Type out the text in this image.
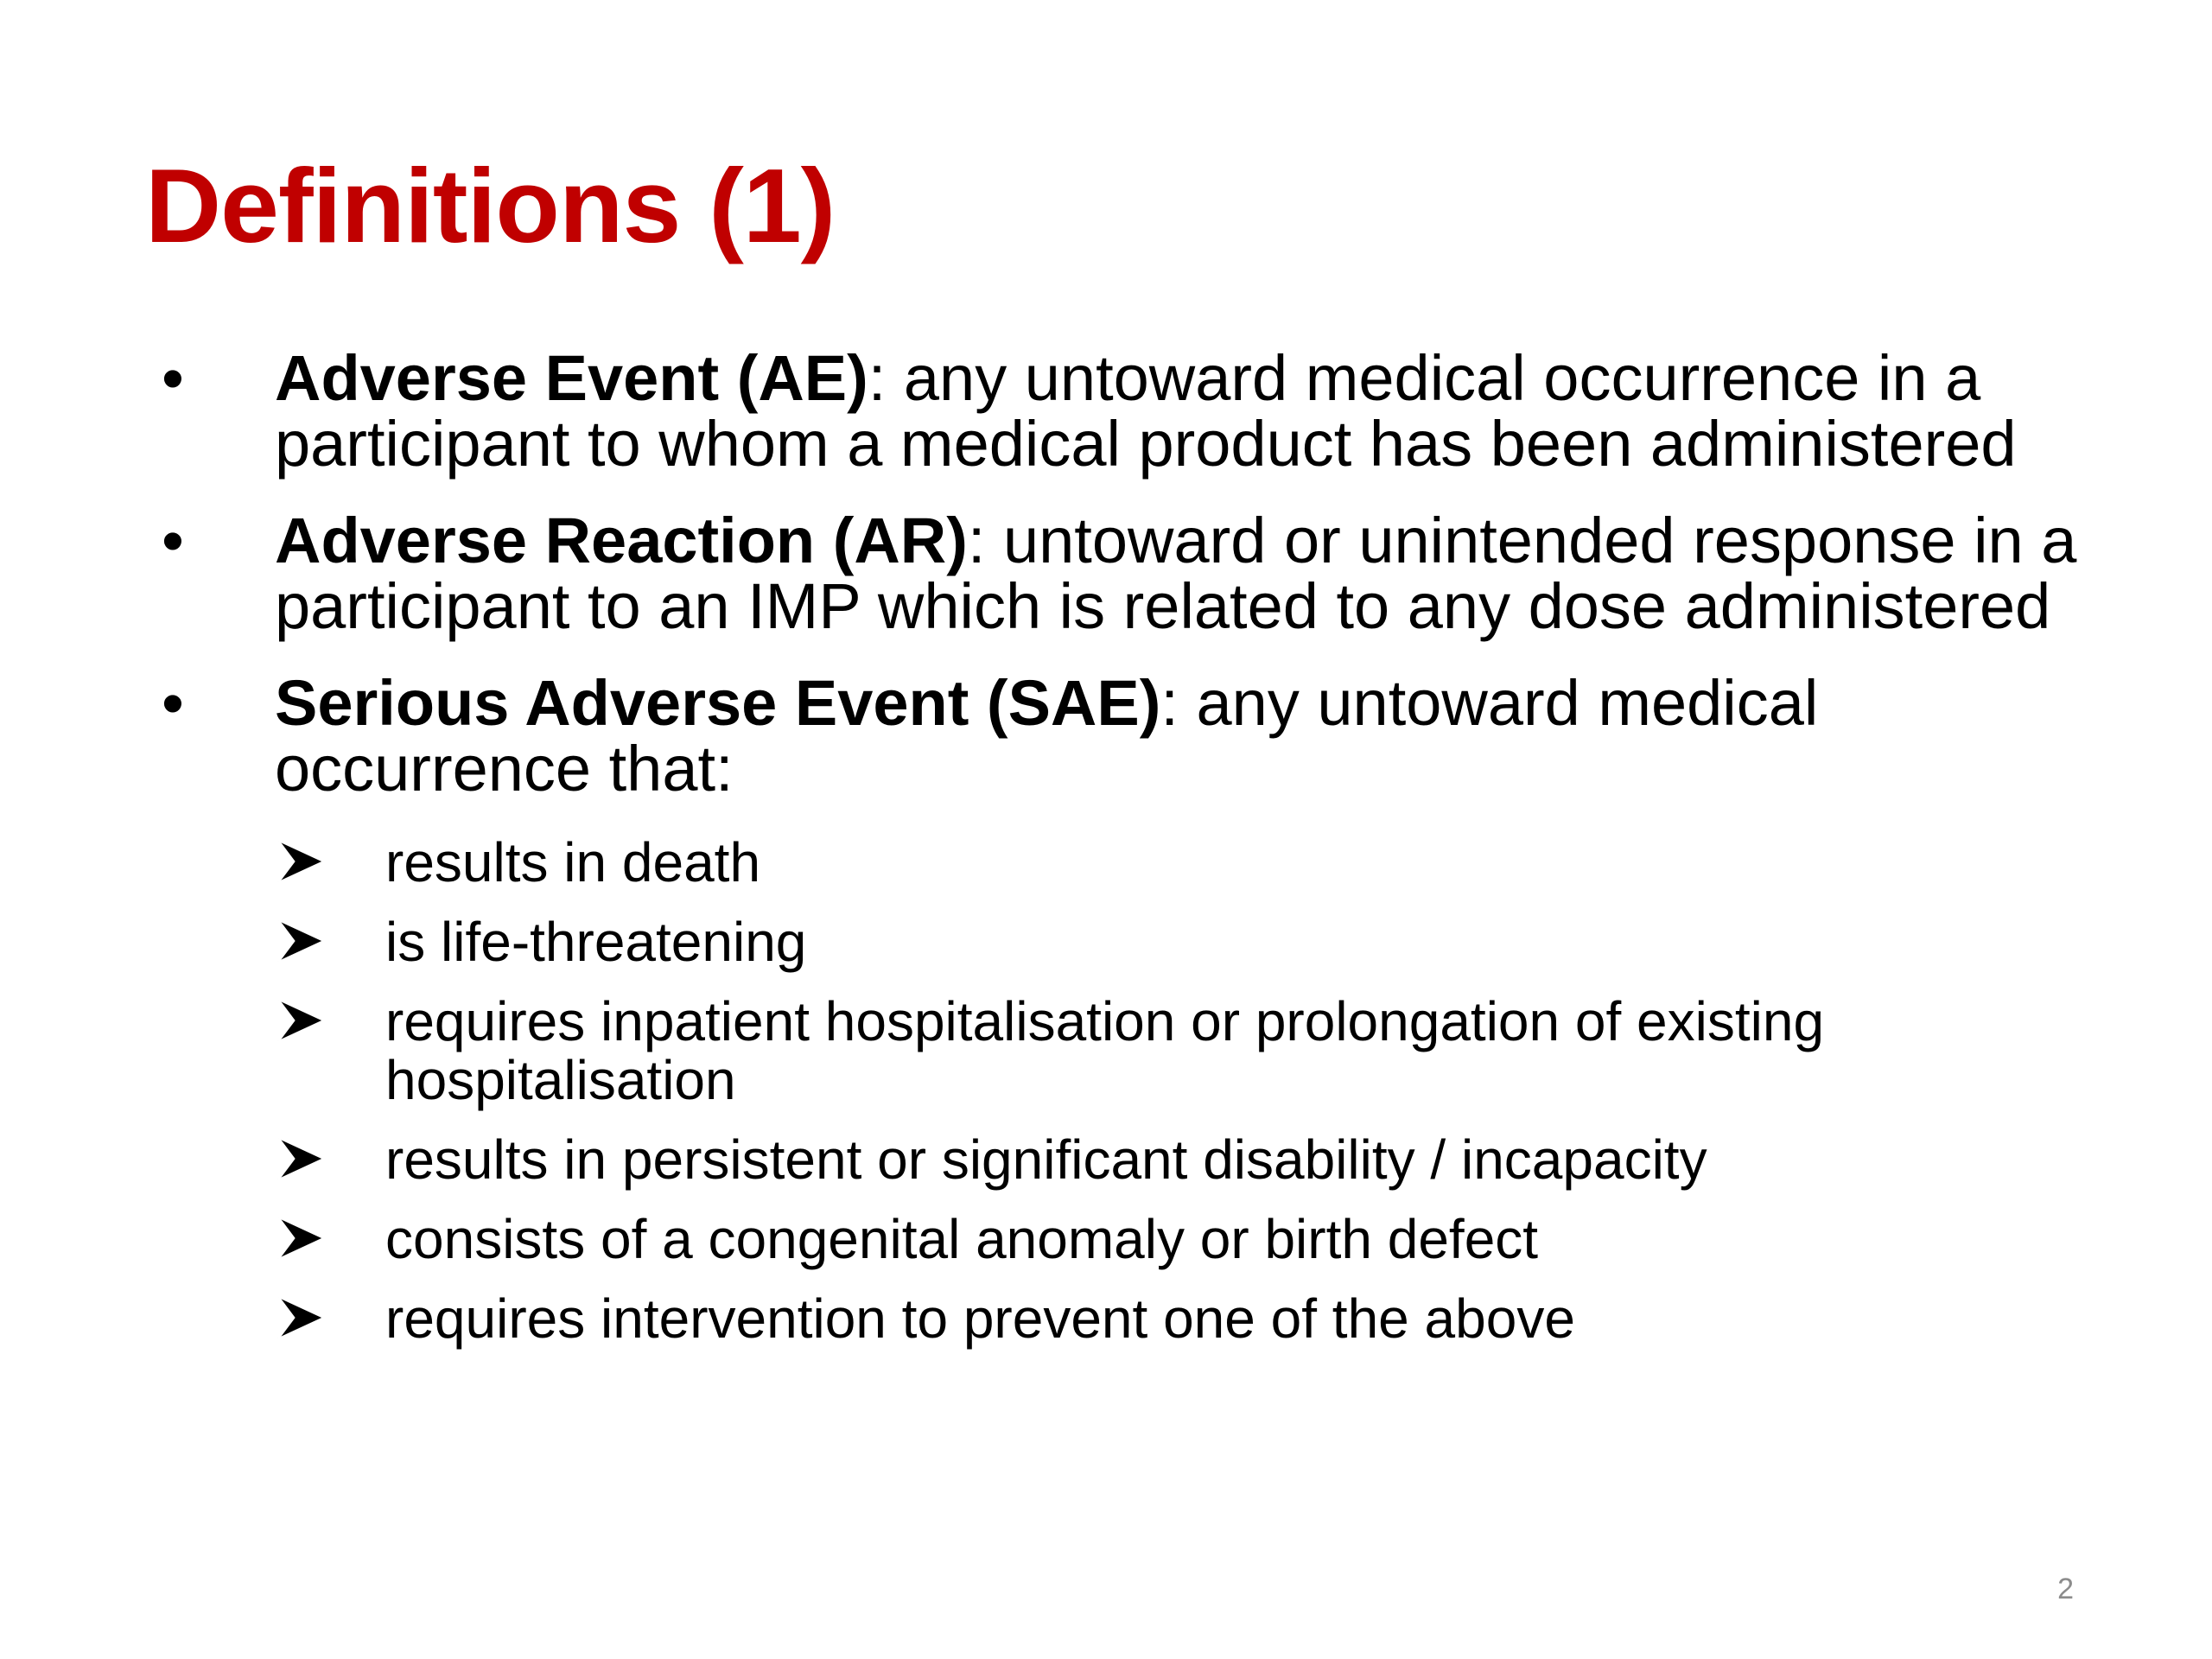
Definitions (1)
• Adverse Event (AE): any untoward medical occurrence in a participant to whom a medical product has been administered
• Adverse Reaction (AR): untoward or unintended response in a participant to an IMP which is related to any dose administered
• Serious Adverse Event (SAE): any untoward medical occurrence that:
results in death
is life-threatening
requires inpatient hospitalisation or prolongation of existing hospitalisation
results in persistent or significant disability / incapacity
consists of a congenital anomaly or birth defect
requires intervention to prevent one of the above
2
